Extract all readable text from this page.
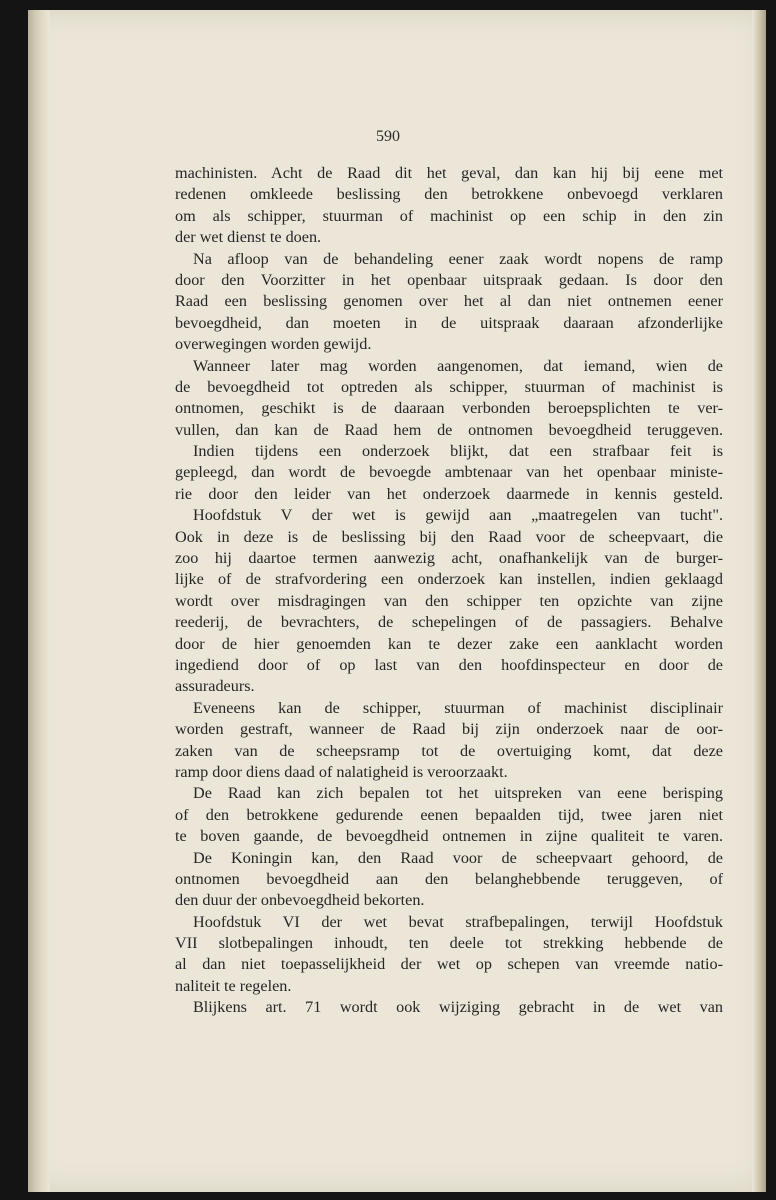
590
machinisten. Acht de Raad dit het geval, dan kan hij bij eene met
redenen omkleede beslissing den betrokkene onbevoegd verklaren
om als schipper, stuurman of machinist op een schip in den zin
der wet dienst te doen.
Na afloop van de behandeling eener zaak wordt nopens de ramp
door den Voorzitter in het openbaar uitspraak gedaan. Is door den
Raad een beslissing genomen over het al dan niet ontnemen eener
bevoegdheid, dan moeten in de uitspraak daaraan afzonderlijke
overwegingen worden gewijd.
Wanneer later mag worden aangenomen, dat iemand, wien de
de bevoegdheid tot optreden als schipper, stuurman of machinist is
ontnomen, geschikt is de daaraan verbonden beroepsplichten te ver-
vullen, dan kan de Raad hem de ontnomen bevoegdheid teruggeven.
Indien tijdens een onderzoek blijkt, dat een strafbaar feit is
gepleegd, dan wordt de bevoegde ambtenaar van het openbaar ministe-
rie door den leider van het onderzoek daarmede in kennis gesteld.
Hoofdstuk V der wet is gewijd aan „maatregelen van tucht".
Ook in deze is de beslissing bij den Raad voor de scheepvaart, die
zoo hij daartoe termen aanwezig acht, onafhankelijk van de burger-
lijke of de strafvordering een onderzoek kan instellen, indien geklaagd
wordt over misdragingen van den schipper ten opzichte van zijne
reederij, de bevrachters, de schepelingen of de passagiers. Behalve
door de hier genoemden kan te dezer zake een aanklacht worden
ingediend door of op last van den hoofdinspecteur en door de
assuradeurs.
Eveneens kan de schipper, stuurman of machinist disciplinair
worden gestraft, wanneer de Raad bij zijn onderzoek naar de oor-
zaken van de scheepsramp tot de overtuiging komt, dat deze
ramp door diens daad of nalatigheid is veroorzaakt.
De Raad kan zich bepalen tot het uitspreken van eene berisping
of den betrokkene gedurende eenen bepaalden tijd, twee jaren niet
te boven gaande, de bevoegdheid ontnemen in zijne qualiteit te varen.
De Koningin kan, den Raad voor de scheepvaart gehoord, de
ontnomen bevoegdheid aan den belanghebbende teruggeven, of
den duur der onbevoegdheid bekorten.
Hoofdstuk VI der wet bevat strafbepalingen, terwijl Hoofdstuk
VII slotbepalingen inhoudt, ten deele tot strekking hebbende de
al dan niet toepasselijkheid der wet op schepen van vreemde natio-
naliteit te regelen.
Blijkens art. 71 wordt ook wijziging gebracht in de wet van
